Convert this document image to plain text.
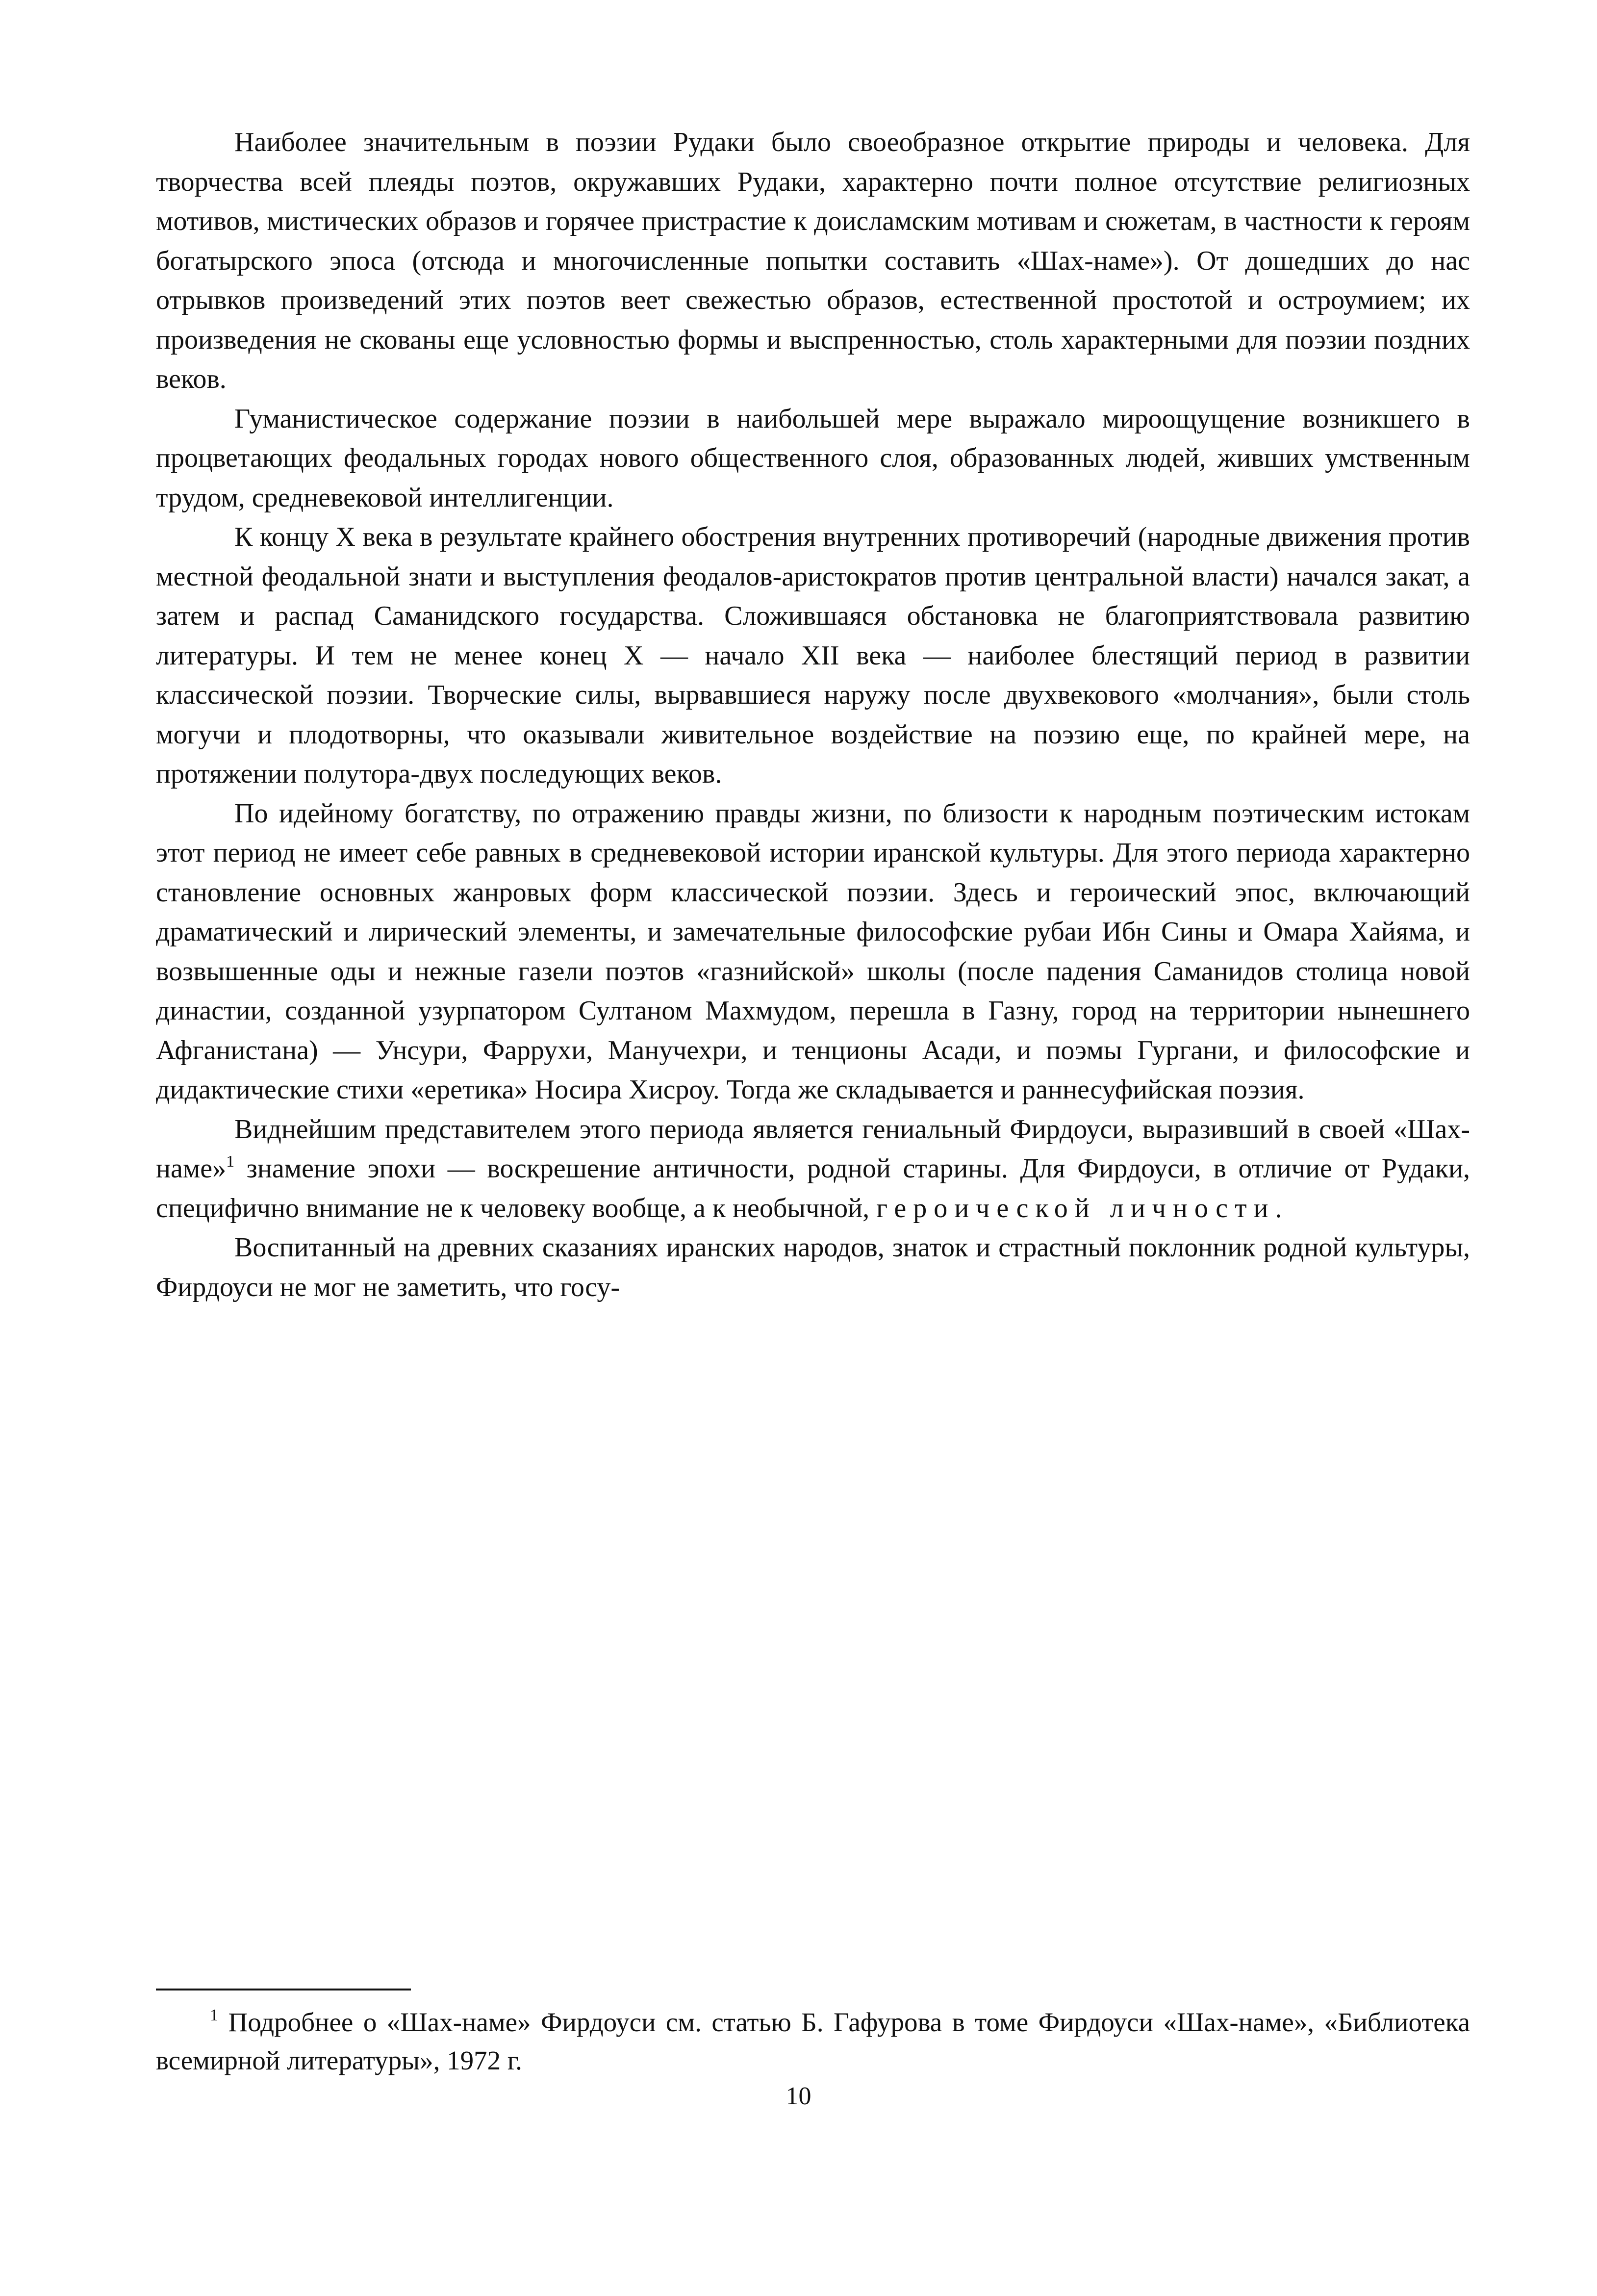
Наиболее значительным в поэзии Рудаки было своеобразное открытие природы и человека. Для творчества всей плеяды поэтов, окружавших Рудаки, характерно почти полное отсутствие религиозных мотивов, мистических образов и горячее пристрастие к доисламским мотивам и сюжетам, в частности к героям богатырского эпоса (отсюда и многочисленные попытки составить «Шах-наме»). От дошедших до нас отрывков произведений этих поэтов веет свежестью образов, естественной простотой и остроумием; их произведения не скованы еще условностью формы и выспренностью, столь характерными для поэзии поздних веков.

Гуманистическое содержание поэзии в наибольшей мере выражало мироощущение возникшего в процветающих феодальных городах нового общественного слоя, образованных людей, живших умственным трудом, средневековой интеллигенции.

К концу X века в результате крайнего обострения внутренних противоречий (народные движения против местной феодальной знати и выступления феодалов-аристократов против центральной власти) начался закат, а затем и распад Саманидского государства. Сложившаяся обстановка не благоприятствовала развитию литературы. И тем не менее конец X — начало XII века — наиболее блестящий период в развитии классической поэзии. Творческие силы, вырвавшиеся наружу после двухвекового «молчания», были столь могучи и плодотворны, что оказывали живительное воздействие на поэзию еще, по крайней мере, на протяжении полутора-двух последующих веков.

По идейному богатству, по отражению правды жизни, по близости к народным поэтическим истокам этот период не имеет себе равных в средневековой истории иранской культуры. Для этого периода характерно становление основных жанровых форм классической поэзии. Здесь и героический эпос, включающий драматический и лирический элементы, и замечательные философские рубаи Ибн Сины и Омара Хайяма, и возвышенные оды и нежные газели поэтов «газнийской» школы (после падения Саманидов столица новой династии, созданной узурпатором Султаном Махмудом, перешла в Газну, город на территории нынешнего Афганистана) — Унсури, Фаррухи, Манучехри, и тенционы Асади, и поэмы Гургани, и философские и дидактические стихи «еретика» Носира Хисроу. Тогда же складывается и раннесуфийская поэзия.

Виднейшим представителем этого периода является гениальный Фирдоуси, выразивший в своей «Шах-наме»$^1$ знамение эпохи — воскрешение античности, родной старины. Для Фирдоуси, в отличие от Рудаки, специфично внимание не к человеку вообще, а к необычной, героической личности.

Воспитанный на древних сказаниях иранских народов, знаток и страстный поклонник родной культуры, Фирдоуси не мог не заметить, что госу-

$^1$ Подробнее о «Шах-наме» Фирдоуси см. статью Б. Гафурова в томе Фирдоуси «Шах-наме», «Библиотека всемирной литературы», 1972 г.

10
